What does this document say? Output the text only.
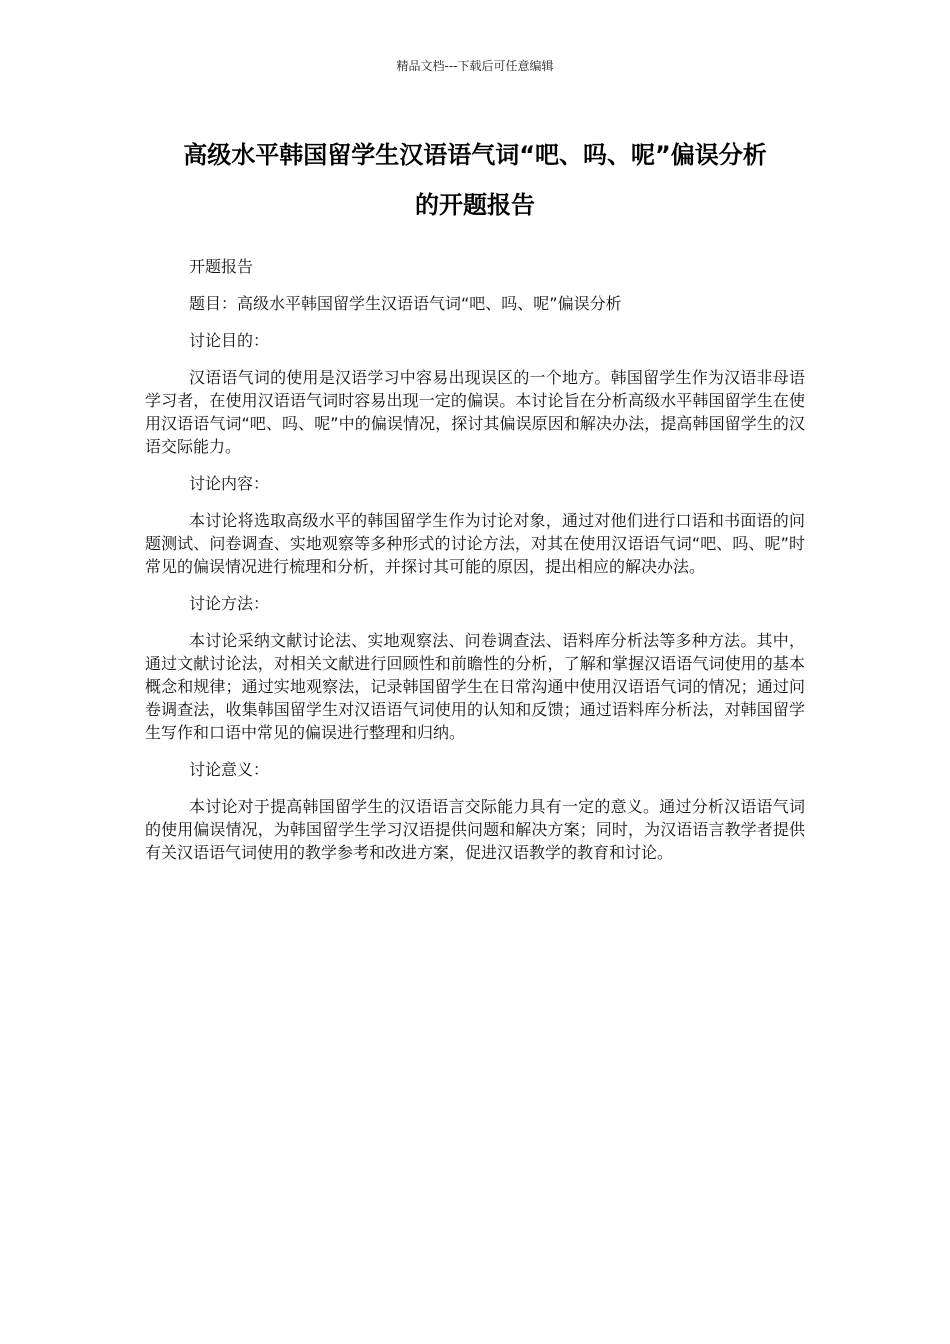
精品文档---下载后可任意编辑
高级水平韩国留学生汉语语气词“吧、吗、呢”偏误分析
的开题报告

开题报告

题目：高级水平韩国留学生汉语语气词“吧、吗、呢”偏误分析

讨论目的：

汉语语气词的使用是汉语学习中容易出现误区的一个地方。韩国留学生作为汉语非母语学习者，在使用汉语语气词时容易出现一定的偏误。本讨论旨在分析高级水平韩国留学生在使用汉语语气词“吧、吗、呢”中的偏误情况，探讨其偏误原因和解决办法，提高韩国留学生的汉语交际能力。

讨论内容：

本讨论将选取高级水平的韩国留学生作为讨论对象，通过对他们进行口语和书面语的问题测试、问卷调查、实地观察等多种形式的讨论方法，对其在使用汉语语气词“吧、吗、呢”时常见的偏误情况进行梳理和分析，并探讨其可能的原因，提出相应的解决办法。

讨论方法：

本讨论采纳文献讨论法、实地观察法、问卷调查法、语料库分析法等多种方法。其中，通过文献讨论法，对相关文献进行回顾性和前瞻性的分析，了解和掌握汉语语气词使用的基本概念和规律；通过实地观察法，记录韩国留学生在日常沟通中使用汉语语气词的情况；通过问卷调查法，收集韩国留学生对汉语语气词使用的认知和反馈；通过语料库分析法，对韩国留学生写作和口语中常见的偏误进行整理和归纳。

讨论意义：

本讨论对于提高韩国留学生的汉语语言交际能力具有一定的意义。通过分析汉语语气词的使用偏误情况，为韩国留学生学习汉语提供问题和解决方案；同时，为汉语语言教学者提供有关汉语语气词使用的教学参考和改进方案，促进汉语教学的教育和讨论。
